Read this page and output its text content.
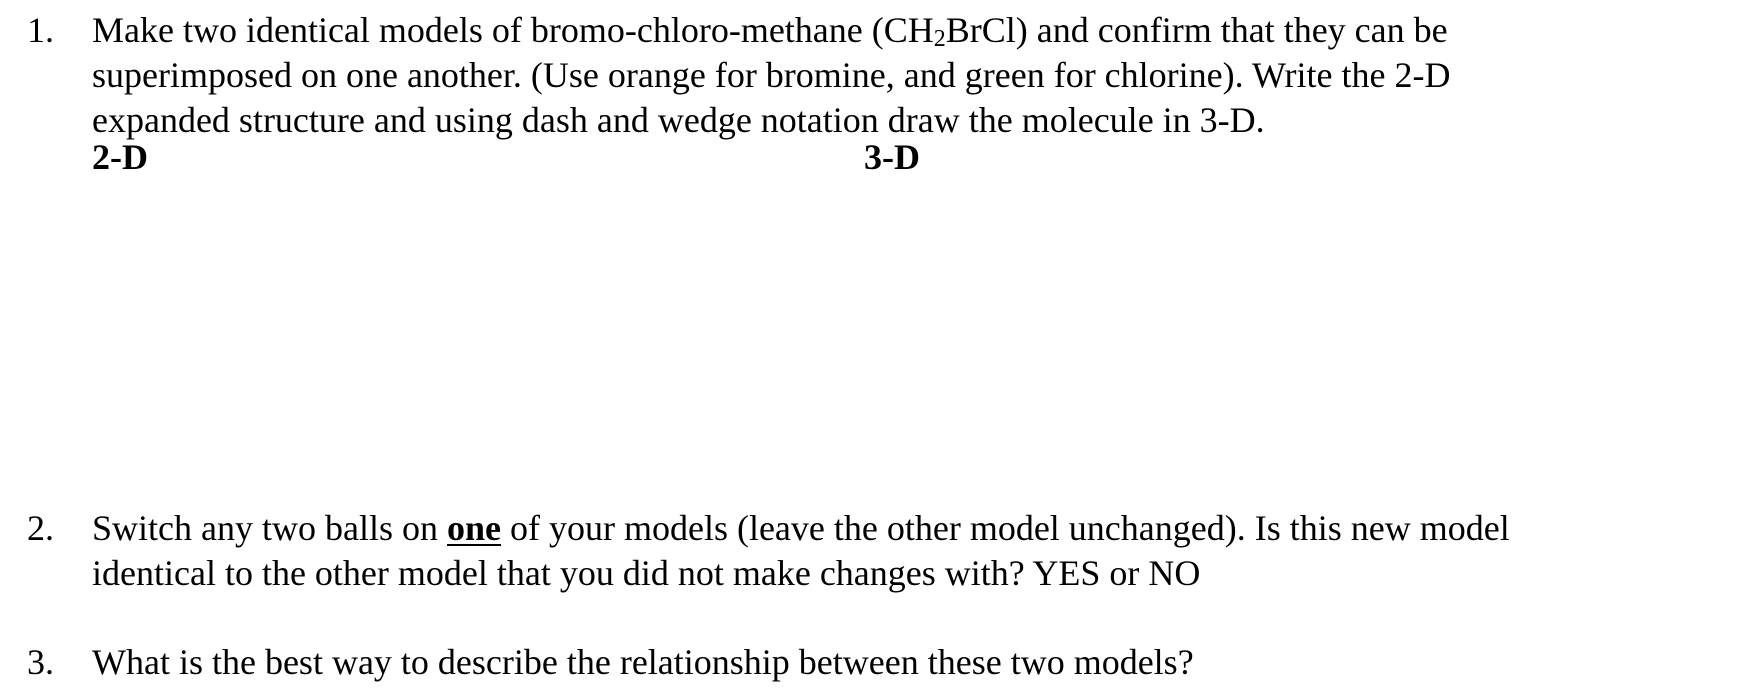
1. Make two identical models of bromo-chloro-methane (CH2BrCl) and confirm that they can be
superimposed on one another. (Use orange for bromine, and green for chlorine). Write the 2-D
expanded structure and using dash and wedge notation draw the molecule in 3-D.
2-D	3-D
2. Switch any two balls on one of your models (leave the other model unchanged). Is this new model
identical to the other model that you did not make changes with? YES or NO
3. What is the best way to describe the relationship between these two models?
